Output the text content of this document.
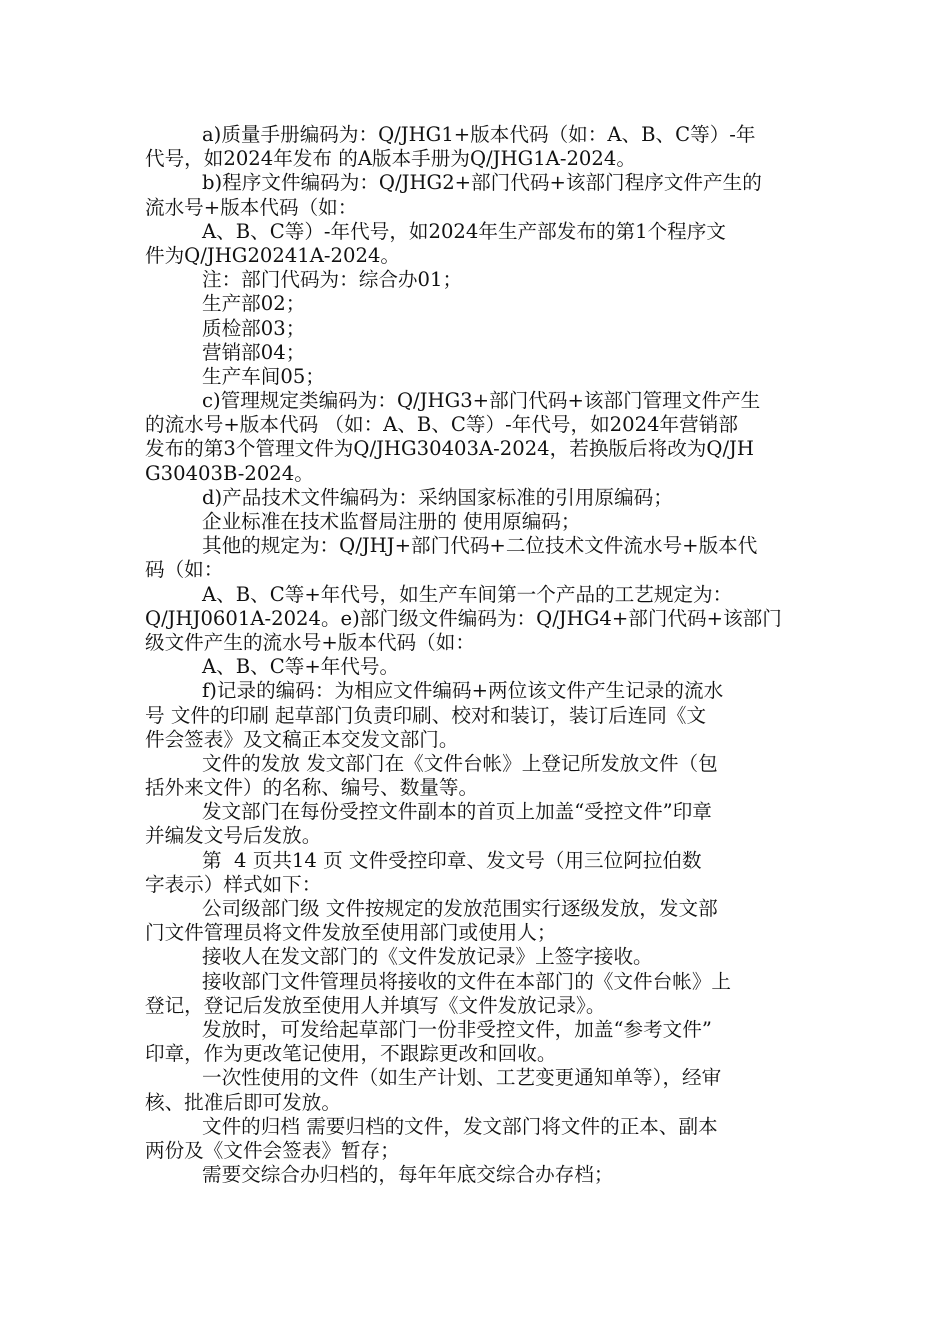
a)质量手册编码为：Q/JHG1+版本代码（如：A、B、C等）-年
代号，如2024年发布 的A版本手册为Q/JHG1A-2024。
b)程序文件编码为：Q/JHG2+部门代码+该部门程序文件产生的
流水号+版本代码（如：
A、B、C等）-年代号，如2024年生产部发布的第1个程序文
件为Q/JHG20241A-2024。
注：部门代码为：综合办01；
生产部02；
质检部03；
营销部04；
生产车间05；
c)管理规定类编码为：Q/JHG3+部门代码+该部门管理文件产生
的流水号+版本代码 （如：A、B、C等）-年代号，如2024年营销部
发布的第3个管理文件为Q/JHG30403A-2024，若换版后将改为Q/JH
G30403B-2024。
d)产品技术文件编码为：采纳国家标准的引用原编码；
企业标准在技术监督局注册的 使用原编码；
其他的规定为：Q/JHJ+部门代码+二位技术文件流水号+版本代
码（如：
A、B、C等+年代号，如生产车间第一个产品的工艺规定为：
Q/JHJ0601A-2024。e)部门级文件编码为：Q/JHG4+部门代码+该部门
级文件产生的流水号+版本代码（如：
A、B、C等+年代号。
f)记录的编码：为相应文件编码+两位该文件产生记录的流水
号 文件的印刷 起草部门负责印刷、校对和装订，装订后连同《文
件会签表》及文稿正本交发文部门。
文件的发放 发文部门在《文件台帐》上登记所发放文件（包
括外来文件）的名称、编号、数量等。
发文部门在每份受控文件副本的首页上加盖“受控文件”印章
并编发文号后发放。
第  4 页共14 页 文件受控印章、发文号（用三位阿拉伯数
字表示）样式如下：
公司级部门级 文件按规定的发放范围实行逐级发放，发文部
门文件管理员将文件发放至使用部门或使用人；
接收人在发文部门的《文件发放记录》上签字接收。
接收部门文件管理员将接收的文件在本部门的《文件台帐》上
登记，登记后发放至使用人并填写《文件发放记录》。
发放时，可发给起草部门一份非受控文件，加盖“参考文件”
印章，作为更改笔记使用，不跟踪更改和回收。
一次性使用的文件（如生产计划、工艺变更通知单等），经审
核、批准后即可发放。
文件的归档 需要归档的文件，发文部门将文件的正本、副本
两份及《文件会签表》暂存；
需要交综合办归档的，每年年底交综合办存档；
